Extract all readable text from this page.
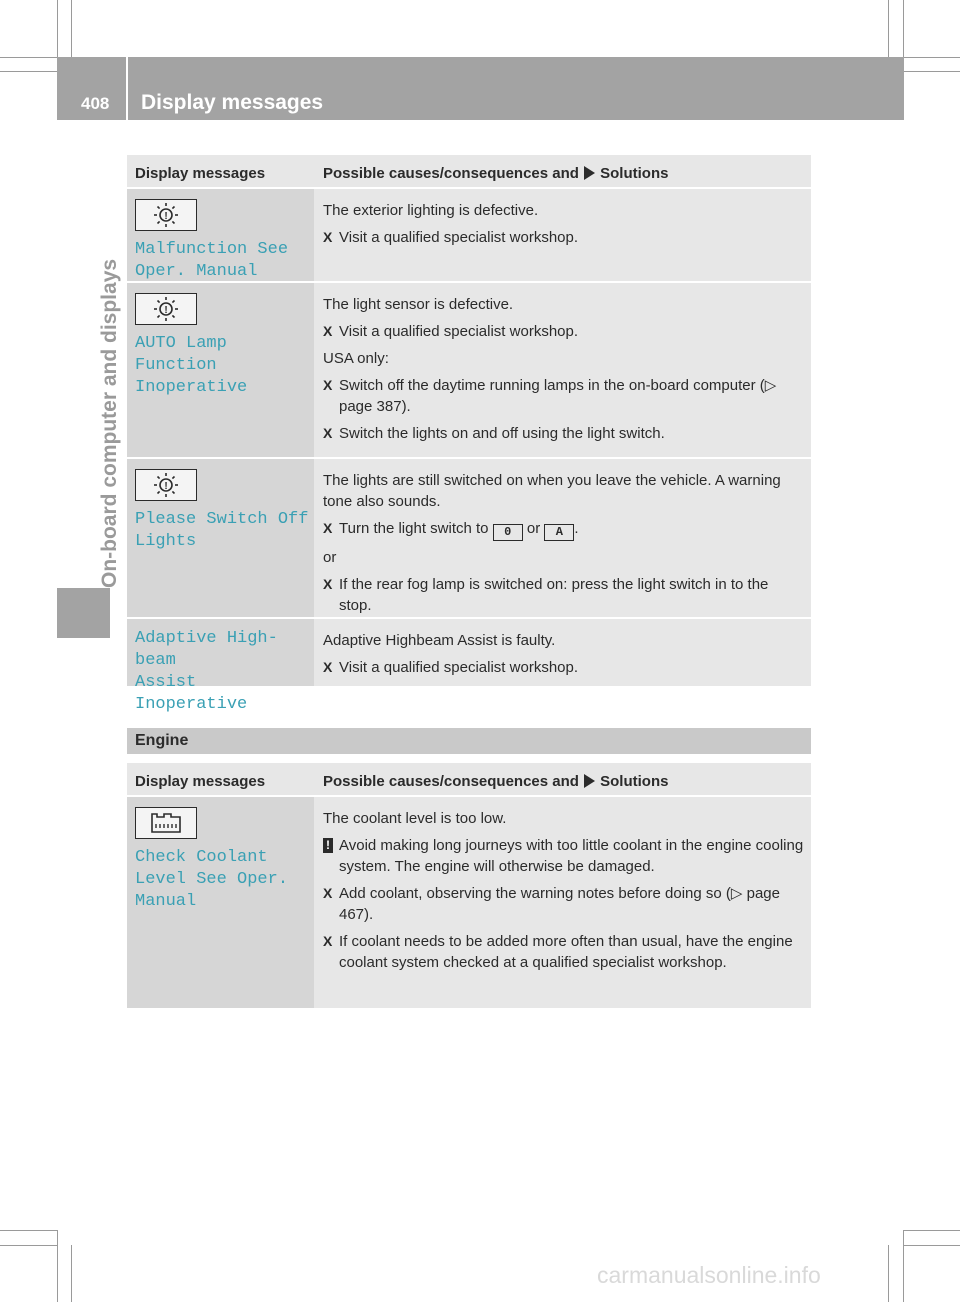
408 Display messages
On-board computer and displays
Display messages	Possible causes/consequences and Solutions
!
Malfunction See
Oper. Manual
The exterior lighting is defective.
X Visit a qualified specialist workshop.
!
AUTO Lamp Function
Inoperative
The light sensor is defective.
X Visit a qualified specialist workshop.
USA only:
X Switch off the daytime running lamps in the on-board computer (▷ page 387).
X Switch the lights on and off using the light switch.
!
Please Switch Off
Lights
The lights are still switched on when you leave the vehicle. A warning tone also sounds.
X Turn the light switch to 0 or A .
or
X If the rear fog lamp is switched on: press the light switch in to the stop.
Adaptive High-beam
Assist Inoperative
Adaptive Highbeam Assist is faulty.
X Visit a qualified specialist workshop.
Engine
Display messages	Possible causes/consequences and Solutions
Check Coolant
Level See Oper.
Manual
The coolant level is too low.
! Avoid making long journeys with too little coolant in the engine cooling system. The engine will otherwise be damaged.
X Add coolant, observing the warning notes before doing so (▷ page 467).
X If coolant needs to be added more often than usual, have the engine coolant system checked at a qualified specialist workshop.
carmanualsonline.info
